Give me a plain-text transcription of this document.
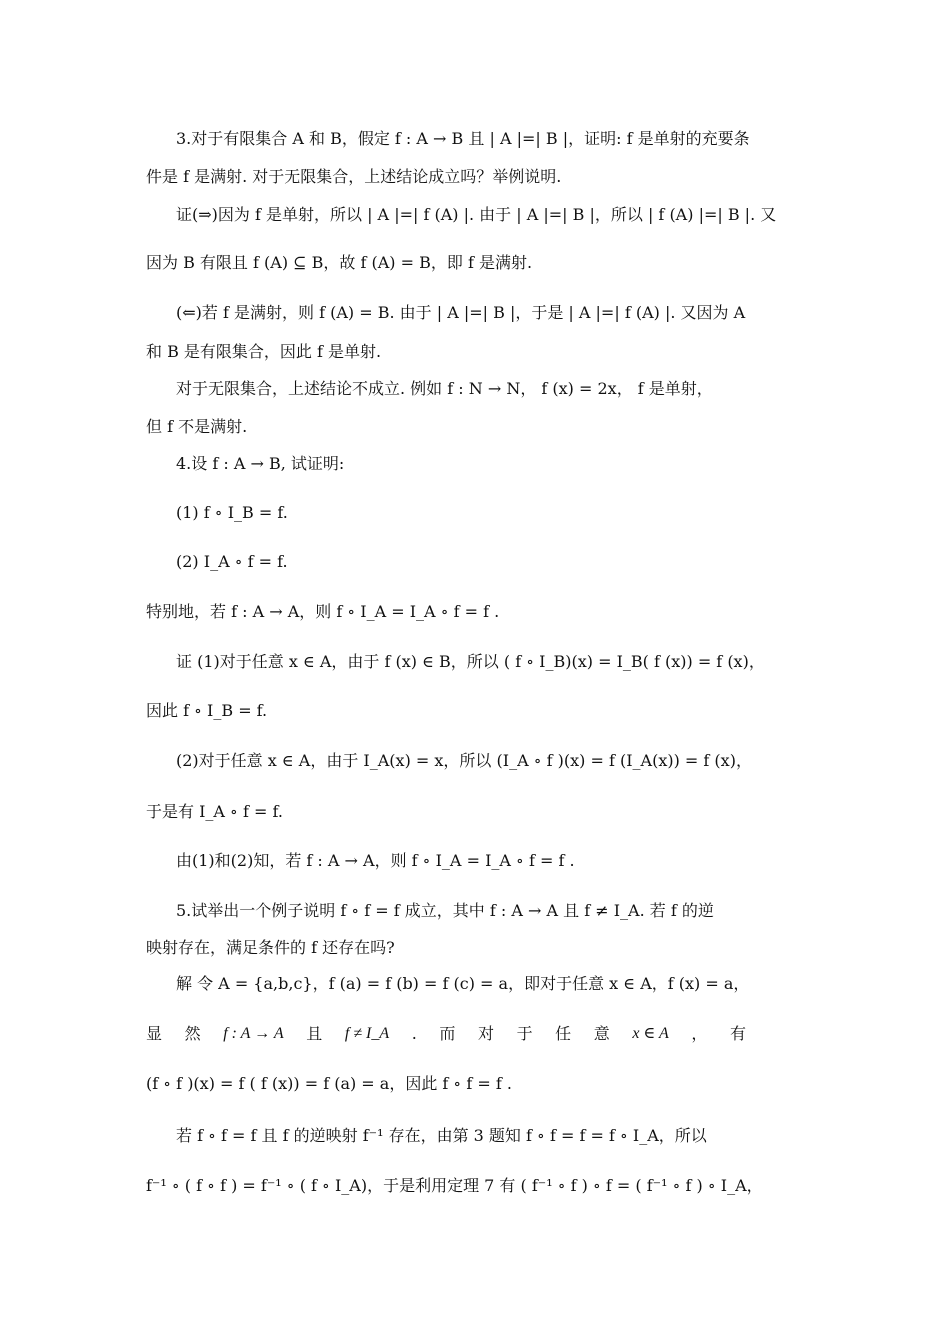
3.对于有限集合 A 和 B，假定 f : A → B 且 | A |=| B |，证明: f 是单射的充要条
件是 f 是满射. 对于无限集合，上述结论成立吗？举例说明.
证(⇒)因为 f 是单射，所以 | A |=| f (A) |. 由于 | A |=| B |，所以 | f (A) |=| B |. 又
因为 B 有限且 f (A) ⊆ B，故 f (A) = B，即 f 是满射.
(⇐)若 f 是满射，则 f (A) = B. 由于 | A |=| B |，于是 | A |=| f (A) |. 又因为 A
和 B 是有限集合，因此 f 是单射.
对于无限集合，上述结论不成立. 例如 f : N → N， f (x) = 2x， f 是单射，
但 f 不是满射.
4.设 f : A → B, 试证明:
(1) f ∘ I_B = f.
(2) I_A ∘ f = f.
特别地，若 f : A → A，则 f ∘ I_A = I_A ∘ f = f .
证 (1)对于任意 x ∈ A，由于 f (x) ∈ B，所以 ( f ∘ I_B)(x) = I_B( f (x)) = f (x)，
因此 f ∘ I_B = f.
(2)对于任意 x ∈ A，由于 I_A(x) = x，所以 (I_A ∘ f )(x) = f (I_A(x)) = f (x)，
于是有 I_A ∘ f = f.
由(1)和(2)知，若 f : A → A，则 f ∘ I_A = I_A ∘ f = f .
5.试举出一个例子说明 f ∘ f = f 成立，其中 f : A → A 且 f ≠ I_A. 若 f 的逆
映射存在，满足条件的 f 还存在吗?
解 令 A = {a,b,c}，f (a) = f (b) = f (c) = a，即对于任意 x ∈ A，f (x) = a，
显 然 f : A → A 且 f ≠ I_A . 而 对 于 任 意 x ∈ A ， 有
(f ∘ f )(x) = f ( f (x)) = f (a) = a，因此 f ∘ f = f .
若 f ∘ f = f 且 f 的逆映射 f⁻¹ 存在，由第 3 题知 f ∘ f = f = f ∘ I_A，所以
f⁻¹ ∘ ( f ∘ f ) = f⁻¹ ∘ ( f ∘ I_A)，于是利用定理 7 有 ( f⁻¹ ∘ f ) ∘ f = ( f⁻¹ ∘ f ) ∘ I_A，
